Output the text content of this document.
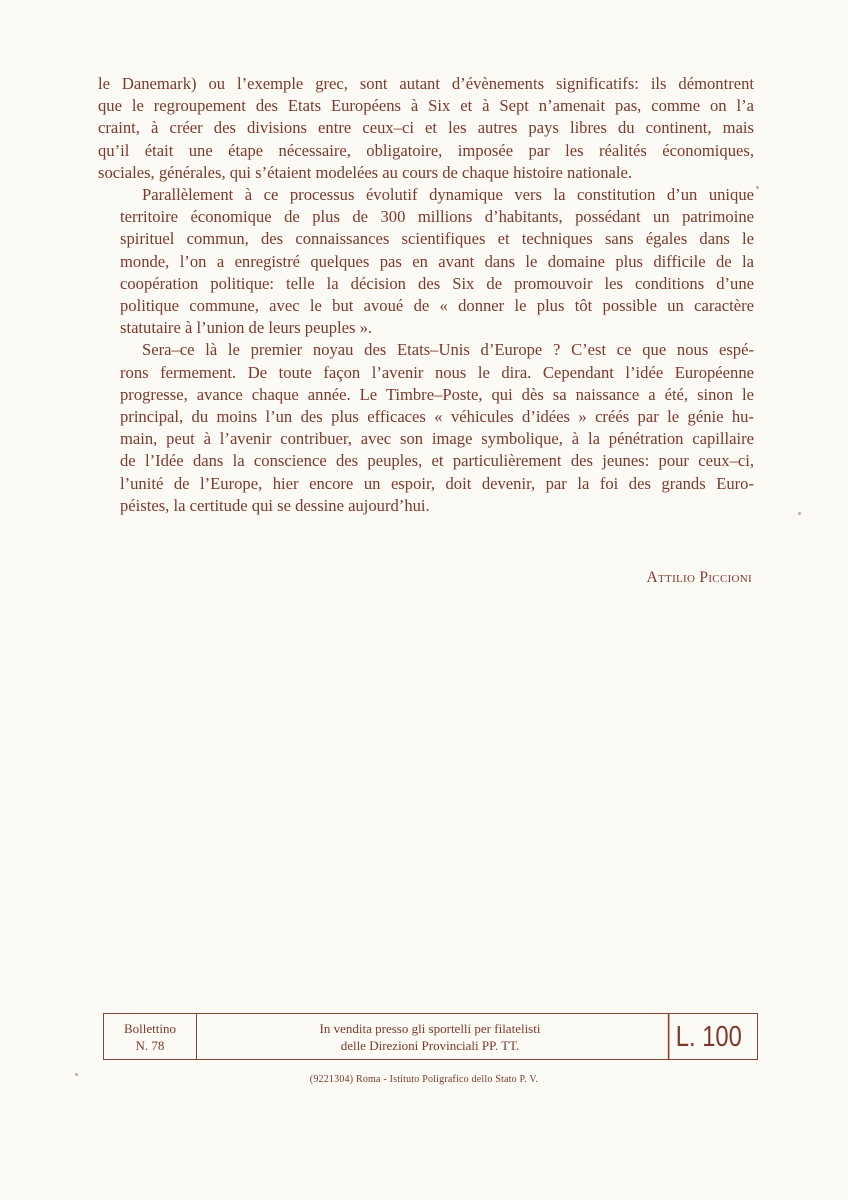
le Danemark) ou l’exemple grec, sont autant d’évènements significatifs: ils démontrent
que le regroupement des Etats Européens à Six et à Sept n’amenait pas, comme on l’a
craint, à créer des divisions entre ceux–ci et les autres pays libres du continent, mais
qu’il était une étape nécessaire, obligatoire, imposée par les réalités économiques,
sociales, générales, qui s’étaient modelées au cours de chaque histoire nationale.

Parallèlement à ce processus évolutif dynamique vers la constitution d’un unique
territoire économique de plus de 300 millions d’habitants, possédant un patrimoine
spirituel commun, des connaissances scientifiques et techniques sans égales dans le
monde, l’on a enregistré quelques pas en avant dans le domaine plus difficile de la
coopération politique: telle la décision des Six de promouvoir les conditions d’une
politique commune, avec le but avoué de « donner le plus tôt possible un caractère
statutaire à l’union de leurs peuples ».

Sera–ce là le premier noyau des Etats–Unis d’Europe ? C’est ce que nous espé-
rons fermement. De toute façon l’avenir nous le dira. Cependant l’idée Européenne
progresse, avance chaque année. Le Timbre–Poste, qui dès sa naissance a été, sinon le
principal, du moins l’un des plus efficaces « véhicules d’idées » créés par le génie hu-
main, peut à l’avenir contribuer, avec son image symbolique, à la pénétration capillaire
de l’Idée dans la conscience des peuples, et particulièrement des jeunes: pour ceux–ci,
l’unité de l’Europe, hier encore un espoir, doit devenir, par la foi des grands Euro-
péistes, la certitude qui se dessine aujourd’hui.

Attilio Piccioni
Bollettino
N. 78
In vendita presso gli sportelli per filatelisti
delle Direzioni Provinciali PP. TT.	L. 100
(9221304) Roma - Istituto Poligrafico dello Stato P. V.
